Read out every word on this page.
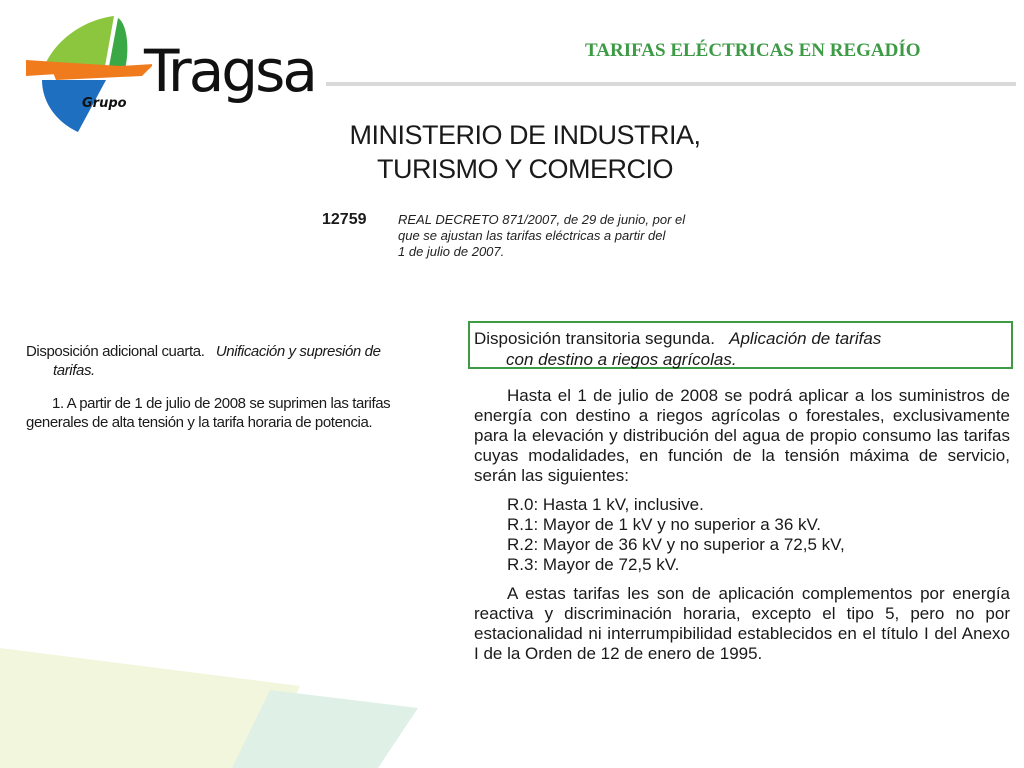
Tragsa
Grupo
TARIFAS ELÉCTRICAS EN REGADÍO
MINISTERIO DE INDUSTRIA,
TURISMO Y COMERCIO
12759 REAL DECRETO 871/2007, de 29 de junio, por el
que se ajustan las tarifas eléctricas a partir del
1 de julio de 2007.

Disposición adicional cuarta. Unificación y supresión de
tarifas.

1. A partir de 1 de julio de 2008 se suprimen las tarifas generales de alta tensión y la tarifa horaria de potencia.

Disposición transitoria segunda. Aplicación de tarifas
con destino a riegos agrícolas.

Hasta el 1 de julio de 2008 se podrá aplicar a los suministros de energía con destino a riegos agrícolas o forestales, exclusivamente para la elevación y distribución del agua de propio consumo las tarifas cuyas modalidades, en función de la tensión máxima de servicio, serán las siguientes:

R.0: Hasta 1 kV, inclusive.
R.1: Mayor de 1 kV y no superior a 36 kV.
R.2: Mayor de 36 kV y no superior a 72,5 kV,
R.3: Mayor de 72,5 kV.

A estas tarifas les son de aplicación complementos por energía reactiva y discriminación horaria, excepto el tipo 5, pero no por estacionalidad ni interrumpibilidad establecidos en el título I del Anexo I de la Orden de 12 de enero de 1995.
